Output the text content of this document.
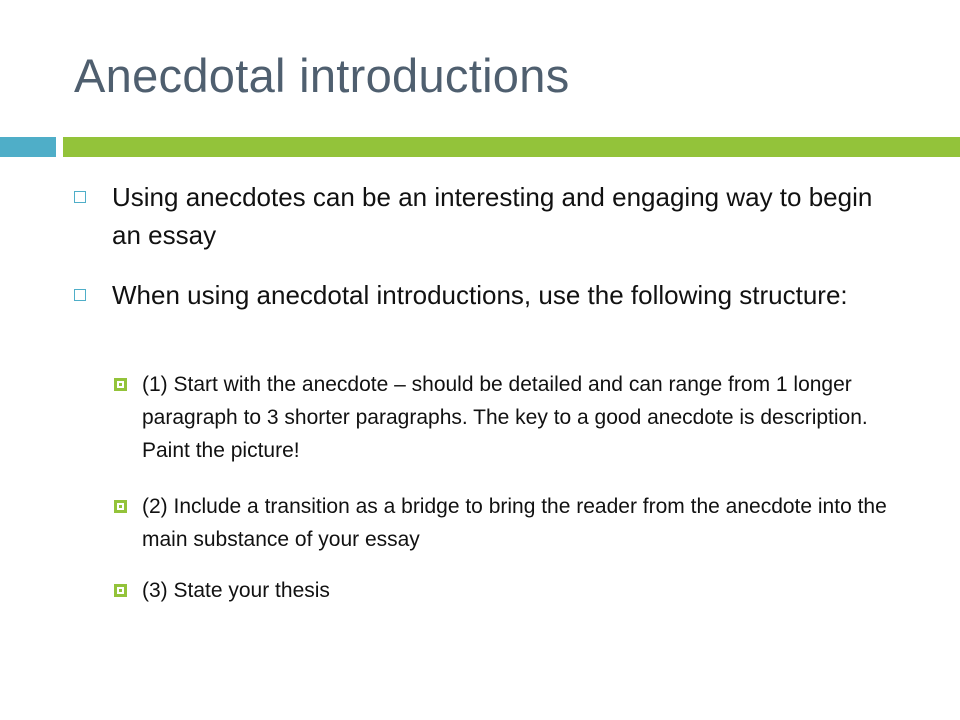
Anecdotal introductions
Using anecdotes can be an interesting and engaging way to begin an essay
When using anecdotal introductions, use the following structure:
(1) Start with the anecdote – should be detailed and can range from 1 longer paragraph to 3 shorter paragraphs. The key to a good anecdote is description. Paint the picture!
(2) Include a transition as a bridge to bring the reader from the anecdote into the main substance of your essay
(3) State your thesis
